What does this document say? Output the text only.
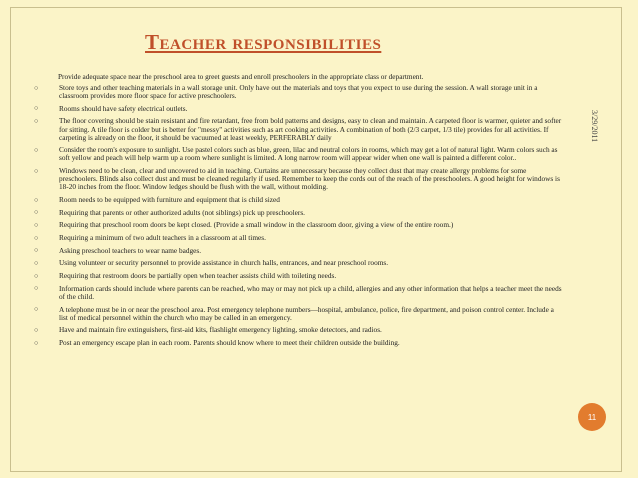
Teacher responsibilities
Provide adequate space near the preschool area to greet guests and enroll preschoolers in the appropriate class or department.
○	Store toys and other teaching materials in a wall storage unit. Only have out the materials and toys that you expect to use during the session. A wall storage unit in a classroom provides more floor space for active preschoolers.
○	Rooms should have safety electrical outlets.
○	The floor covering should be stain resistant and fire retardant, free from bold patterns and designs, easy to clean and maintain. A carpeted floor is warmer, quieter and softer for sitting. A tile floor is colder but is better for "messy" activities such as art cooking activities. A combination of both (2/3 carpet, 1/3 tile) provides for all activities. If carpeting is already on the floor, it should be vacuumed at least weekly, PERFERABLY daily
○	Consider the room's exposure to sunlight. Use pastel colors such as blue, green, lilac and neutral colors in rooms, which may get a lot of natural light. Warm colors such as soft yellow and peach will help warm up a room where sunlight is limited. A long narrow room will appear wider when one wall is painted a different color..
○	Windows need to be clean, clear and uncovered to aid in teaching. Curtains are unnecessary because they collect dust that may create allergy problems for some preschoolers. Blinds also collect dust and must be cleaned regularly if used. Remember to keep the cords out of the reach of the preschoolers. A good height for windows is 18-20 inches from the floor. Window ledges should be flush with the wall, without molding.
○	Room needs to be equipped with furniture and equipment that is child sized
○	Requiring that parents or other authorized adults (not siblings) pick up preschoolers.
○	Requiring that preschool room doors be kept closed. (Provide a small window in the classroom door, giving a view of the entire room.)
○	Requiring a minimum of two adult teachers in a classroom at all times.
○	Asking preschool teachers to wear name badges.
○	Using volunteer or security personnel to provide assistance in church halls, entrances, and near preschool rooms.
○	Requiring that restroom doors be partially open when teacher assists child with toileting needs.
○	Information cards should include where parents can be reached, who may or may not pick up a child, allergies and any other information that helps a teacher meet the needs of the child.
○	A telephone must be in or near the preschool area. Post emergency telephone numbers—hospital, ambulance, police, fire department, and poison control center. Include a list of medical personnel within the church who may be called in an emergency.
○	Have and maintain fire extinguishers, first-aid kits, flashlight emergency lighting, smoke detectors, and radios.
○	Post an emergency escape plan in each room. Parents should know where to meet their children outside the building.
3/29/2011
11
